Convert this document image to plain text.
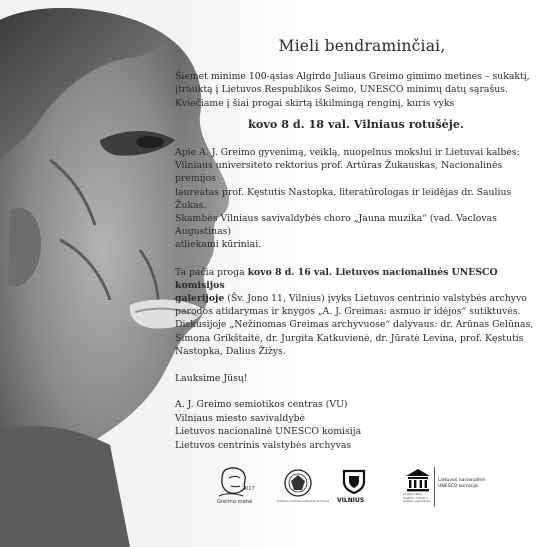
Mieli bendraminčiai,
Šiemet minime 100-ąsias Algirdo Juliaus Greimo gimimo metines – sukaktį,
įtrauktą į Lietuvos Respublikos Seimo, UNESCO minimų datų sąrašus.
Kviečiame į šiai progai skirtą iškilmingą renginį, kuris vyks
kovo 8 d. 18 val. Vilniaus rotušėje.
Apie A. J. Greimo gyvenimą, veiklą, nuopelnus mokslui ir Lietuvai kalbės:
Vilniaus universiteto rektorius prof. Artūras Žukauskas, Nacionalinės premijos
laureatas prof. Kęstutis Nastopka, literatūrologas ir leidėjas dr. Saulius Žukas.
Skambės Vilniaus savivaldybės choro „Jauna muzika“ (vad. Vaclovas Augustinas)
atliekami kūriniai.
Ta pačia proga kovo 8 d. 16 val. Lietuvos nacionalinės UNESCO komisijos
galerijoje (Šv. Jono 11, Vilnius) įvyks Lietuvos centrinio valstybės archyvo
parodos atidarymas ir knygos „A. J. Greimas: asmuo ir idėjos“ sutiktuvės.
Diskusijoje „Nežinomas Greimas archyvuose“ dalyvaus: dr. Arūnas Gelūnas,
Simona Grikštaitė, dr. Jurgita Katkuvienė, dr. Jūratė Levina, prof. Kęstutis
Nastopka, Dalius Žižys.
Lauksime Jūsų!
A. J. Greimo semiotikos centras (VU)
Vilniaus miesto savivaldybė
Lietuvos nacionalinė UNESCO komisija
Lietuvos centrinis valstybės archyvas
2017
Greimo metai	Lietuvos centrinis valstybės archyvas VILNIUS
Jungtinių Tautų
Švietimo, mokslo ir
kultūros organizacija
Lietuvos nacionalinė
UNESCO komisija
